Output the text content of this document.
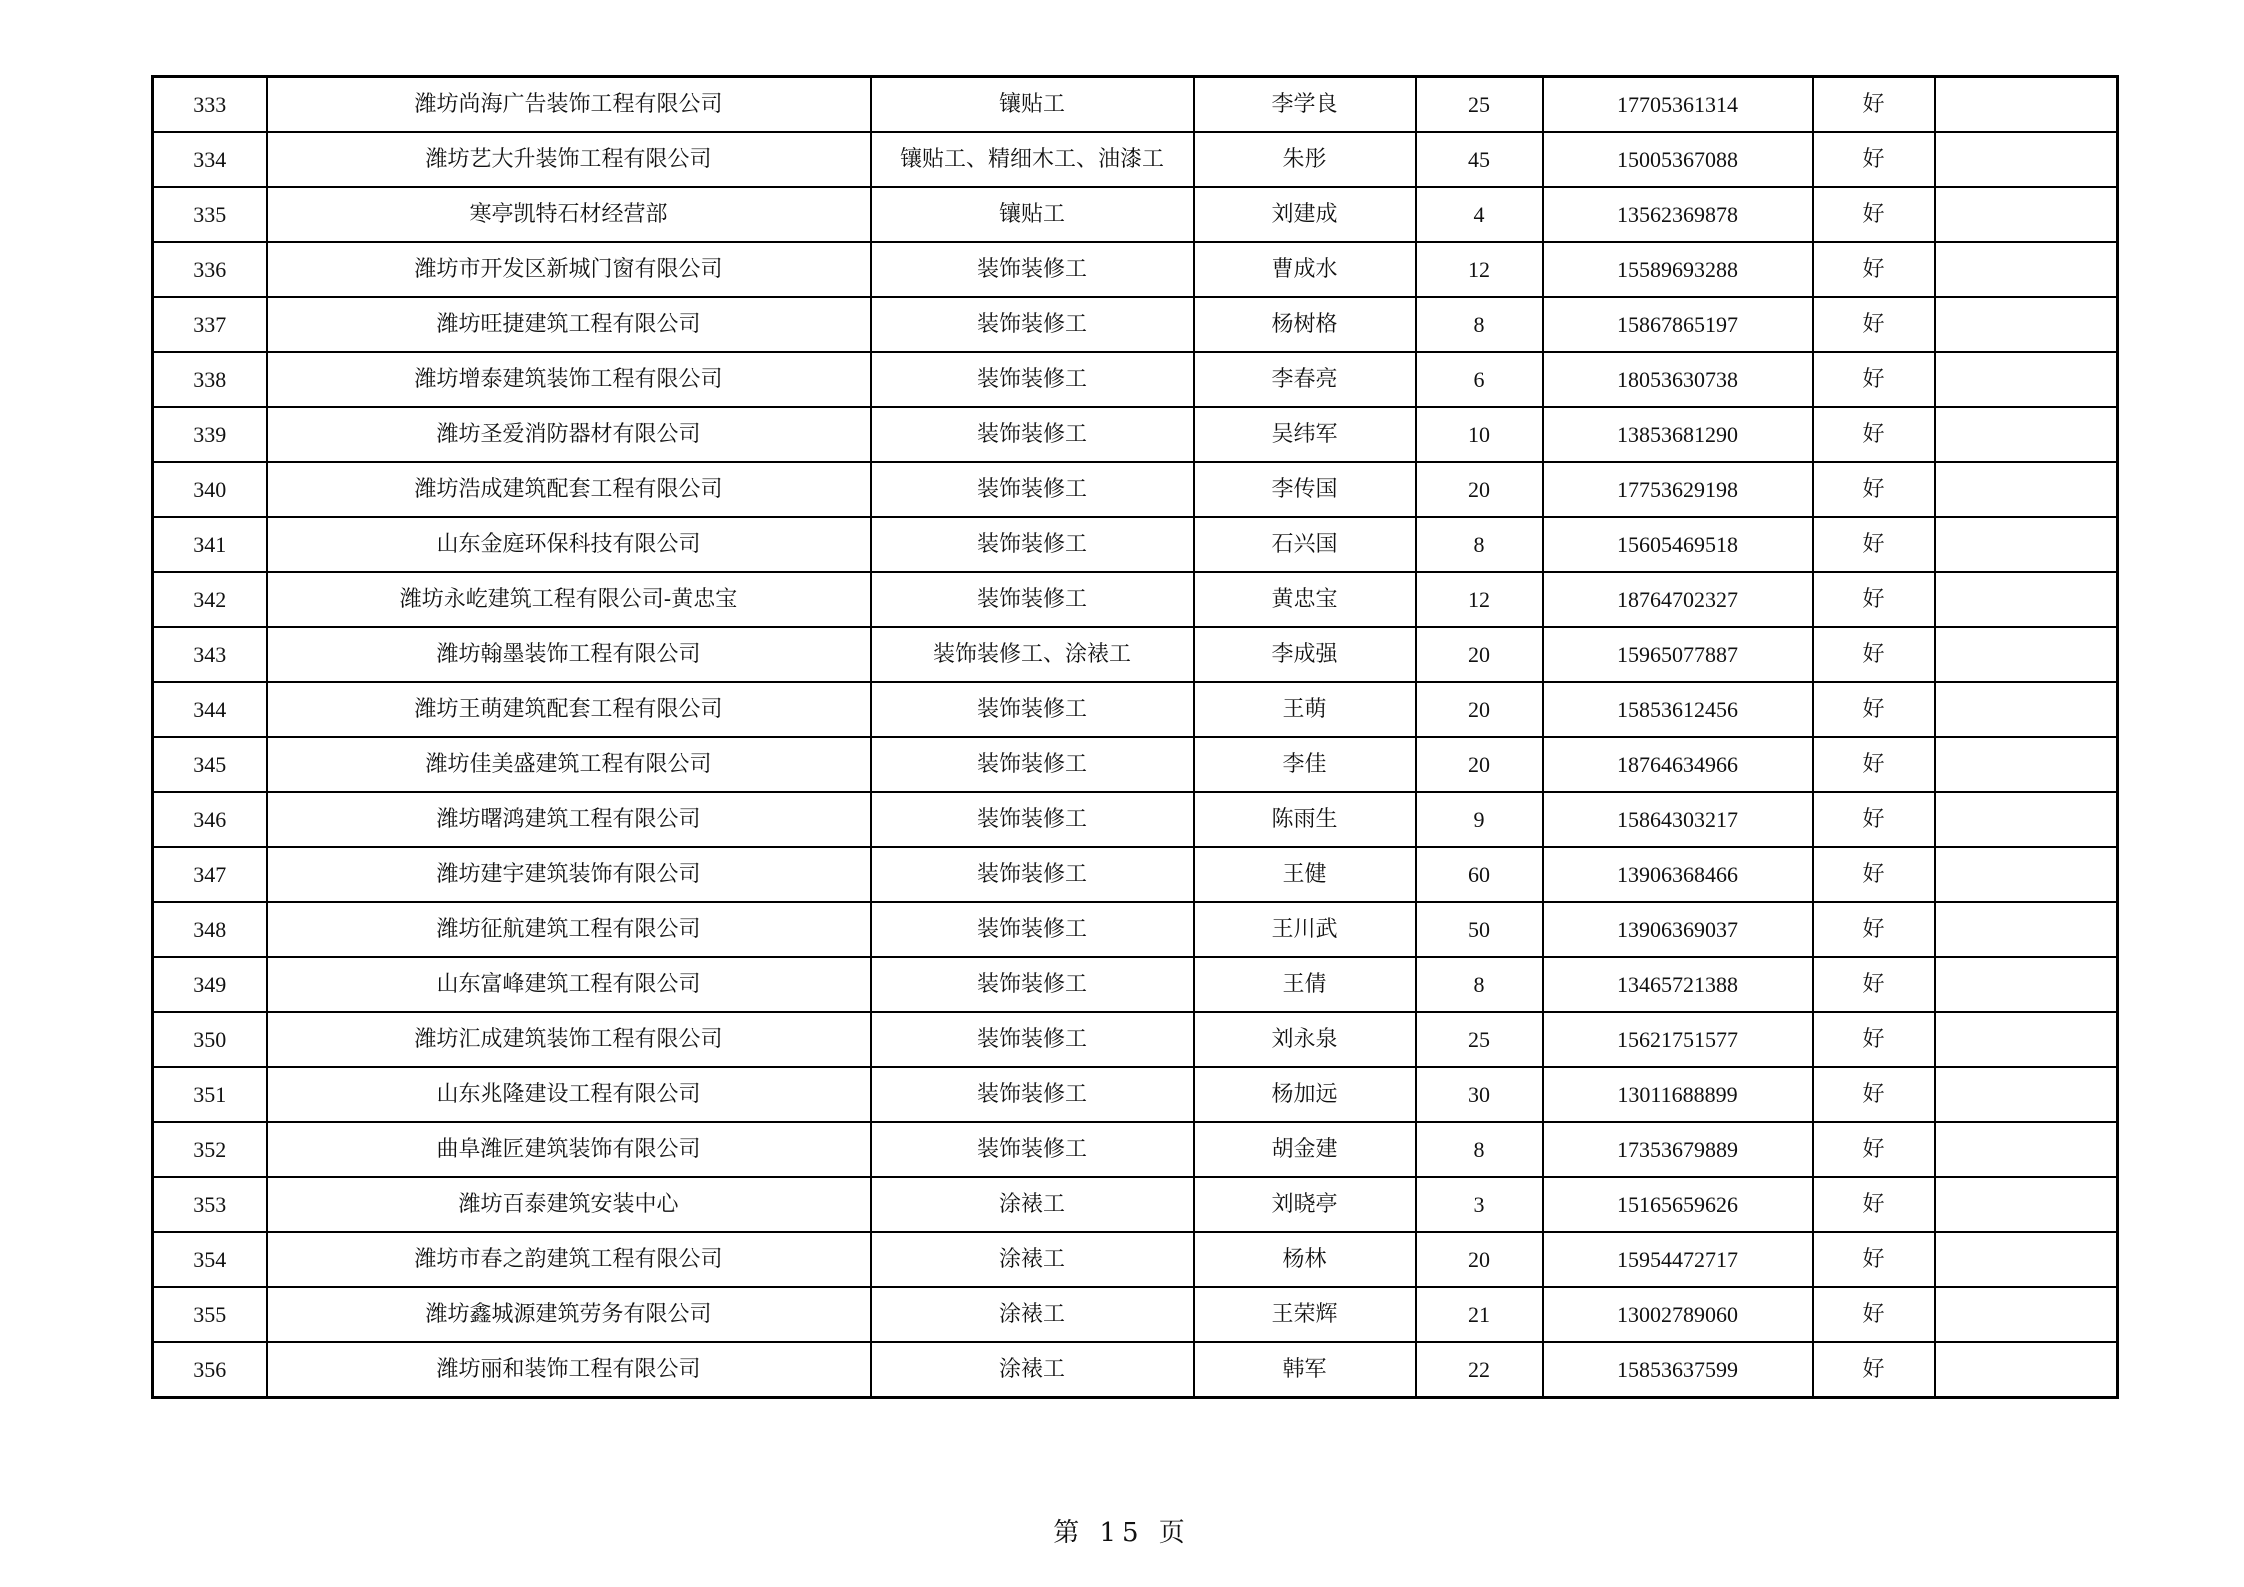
333	潍坊尚海广告装饰工程有限公司	镶贴工	李学良	25	17705361314	好	
334	潍坊艺大升装饰工程有限公司	镶贴工、精细木工、油漆工	朱彤	45	15005367088	好	
335	寒亭凯特石材经营部	镶贴工	刘建成	4	13562369878	好	
336	潍坊市开发区新城门窗有限公司	装饰装修工	曹成水	12	15589693288	好	
337	潍坊旺捷建筑工程有限公司	装饰装修工	杨树格	8	15867865197	好	
338	潍坊增泰建筑装饰工程有限公司	装饰装修工	李春亮	6	18053630738	好	
339	潍坊圣爱消防器材有限公司	装饰装修工	吴纬军	10	13853681290	好	
340	潍坊浩成建筑配套工程有限公司	装饰装修工	李传国	20	17753629198	好	
341	山东金庭环保科技有限公司	装饰装修工	石兴国	8	15605469518	好	
342	潍坊永屹建筑工程有限公司-黄忠宝	装饰装修工	黄忠宝	12	18764702327	好	
343	潍坊翰墨装饰工程有限公司	装饰装修工、涂裱工	李成强	20	15965077887	好	
344	潍坊王萌建筑配套工程有限公司	装饰装修工	王萌	20	15853612456	好	
345	潍坊佳美盛建筑工程有限公司	装饰装修工	李佳	20	18764634966	好	
346	潍坊曙鸿建筑工程有限公司	装饰装修工	陈雨生	9	15864303217	好	
347	潍坊建宇建筑装饰有限公司	装饰装修工	王健	60	13906368466	好	
348	潍坊征航建筑工程有限公司	装饰装修工	王川武	50	13906369037	好	
349	山东富峰建筑工程有限公司	装饰装修工	王倩	8	13465721388	好	
350	潍坊汇成建筑装饰工程有限公司	装饰装修工	刘永泉	25	15621751577	好	
351	山东兆隆建设工程有限公司	装饰装修工	杨加远	30	13011688899	好	
352	曲阜潍匠建筑装饰有限公司	装饰装修工	胡金建	8	17353679889	好	
353	潍坊百泰建筑安装中心	涂裱工	刘晓亭	3	15165659626	好	
354	潍坊市春之韵建筑工程有限公司	涂裱工	杨林	20	15954472717	好	
355	潍坊鑫城源建筑劳务有限公司	涂裱工	王荣辉	21	13002789060	好	
356	潍坊丽和装饰工程有限公司	涂裱工	韩军	22	15853637599	好	
第 15 页
